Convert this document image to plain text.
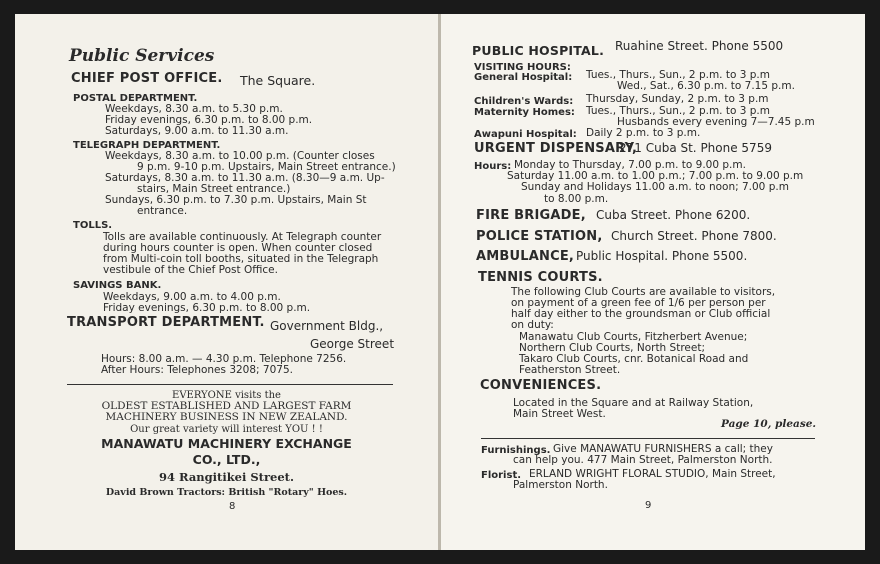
Public Services
CHIEF POST OFFICE. The Square.
POSTAL DEPARTMENT.
Weekdays, 8.30 a.m. to 5.30 p.m.
Friday evenings, 6.30 p.m. to 8.00 p.m.
Saturdays, 9.00 a.m. to 11.30 a.m.
TELEGRAPH DEPARTMENT.
Weekdays, 8.30 a.m. to 10.00 p.m. (Counter closes
9 p.m. 9-10 p.m. Upstairs, Main Street entrance.)
Saturdays, 8.30 a.m. to 11.30 a.m. (8.30—9 a.m. Up-
stairs, Main Street entrance.)
Sundays, 6.30 p.m. to 7.30 p.m. Upstairs, Main St
entrance.
TOLLS.
Tolls are available continuously. At Telegraph counter
during hours counter is open. When counter closed
from Multi-coin toll booths, situated in the Telegraph
vestibule of the Chief Post Office.
SAVINGS BANK.
Weekdays, 9.00 a.m. to 4.00 p.m.
Friday evenings, 6.30 p.m. to 8.00 p.m.
TRANSPORT DEPARTMENT. Government Bldg.,
George Street
Hours: 8.00 a.m. — 4.30 p.m. Telephone 7256.
After Hours: Telephones 3208; 7075.
EVERYONE visits the
OLDEST ESTABLISHED AND LARGEST FARM
MACHINERY BUSINESS IN NEW ZEALAND.
Our great variety will interest YOU ! !
MANAWATU MACHINERY EXCHANGE
CO., LTD.,
94 Rangitikei Street.
David Brown Tractors: British "Rotary" Hoes.
8
PUBLIC HOSPITAL. Ruahine Street. Phone 5500
VISITING HOURS:
General Hospital: Tues., Thurs., Sun., 2 p.m. to 3 p.m
Wed., Sat., 6.30 p.m. to 7.15 p.m.
Children's Wards: Thursday, Sunday, 2 p.m. to 3 p.m
Maternity Homes: Tues., Thurs., Sun., 2 p.m. to 3 p.m
Husbands every evening 7—7.45 p.m
Awapuni Hospital: Daily 2 p.m. to 3 p.m.
URGENT DISPENSARY,
271 Cuba St. Phone 5759
Hours: Monday to Thursday, 7.00 p.m. to 9.00 p.m.
Saturday 11.00 a.m. to 1.00 p.m.; 7.00 p.m. to 9.00 p.m
Sunday and Holidays 11.00 a.m. to noon; 7.00 p.m
to 8.00 p.m.
FIRE BRIGADE, Cuba Street. Phone 6200.
POLICE STATION, Church Street. Phone 7800.
AMBULANCE, Public Hospital. Phone 5500.
TENNIS COURTS.
The following Club Courts are available to visitors,
on payment of a green fee of 1/6 per person per
half day either to the groundsman or Club official
on duty:
Manawatu Club Courts, Fitzherbert Avenue;
Northern Club Courts, North Street;
Takaro Club Courts, cnr. Botanical Road and
Featherston Street.
CONVENIENCES.
Located in the Square and at Railway Station,
Main Street West.
Page 10, please.
Furnishings. Give MANAWATU FURNISHERS a call; they
can help you. 477 Main Street, Palmerston North.
Florist. ERLAND WRIGHT FLORAL STUDIO, Main Street,
Palmerston North.
9
